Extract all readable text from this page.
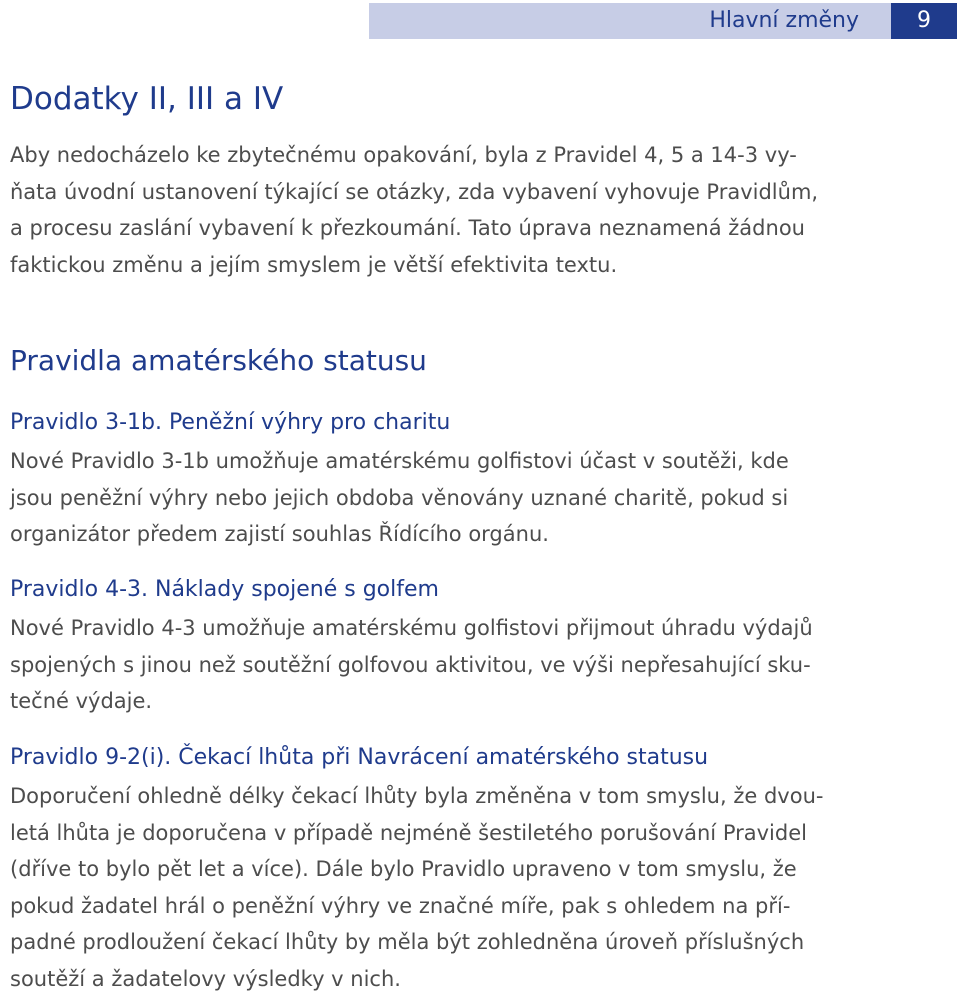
Hlavní změny	9
Dodatky II, III a IV
Aby nedocházelo ke zbytečnému opakování, byla z Pravidel 4, 5 a 14-3 vy-
ňata úvodní ustanovení týkající se otázky, zda vybavení vyhovuje Pravidlům,
a procesu zaslání vybavení k přezkoumání. Tato úprava neznamená žádnou
faktickou změnu a jejím smyslem je větší efektivita textu.
Pravidla amatérského statusu
Pravidlo 3-1b. Peněžní výhry pro charitu
Nové Pravidlo 3-1b umožňuje amatérskému golfistovi účast v soutěži, kde
jsou peněžní výhry nebo jejich obdoba věnovány uznané charitě, pokud si
organizátor předem zajistí souhlas Řídícího orgánu.
Pravidlo 4-3. Náklady spojené s golfem
Nové Pravidlo 4-3 umožňuje amatérskému golfistovi přijmout úhradu výdajů
spojených s jinou než soutěžní golfovou aktivitou, ve výši nepřesahující sku-
tečné výdaje.
Pravidlo 9-2(i). Čekací lhůta při Navrácení amatérského statusu
Doporučení ohledně délky čekací lhůty byla změněna v tom smyslu, že dvou-
letá lhůta je doporučena v případě nejméně šestiletého porušování Pravidel
(dříve to bylo pět let a více). Dále bylo Pravidlo upraveno v tom smyslu, že
pokud žadatel hrál o peněžní výhry ve značné míře, pak s ohledem na pří-
padné prodloužení čekací lhůty by měla být zohledněna úroveň příslušných
soutěží a žadatelovy výsledky v nich.
